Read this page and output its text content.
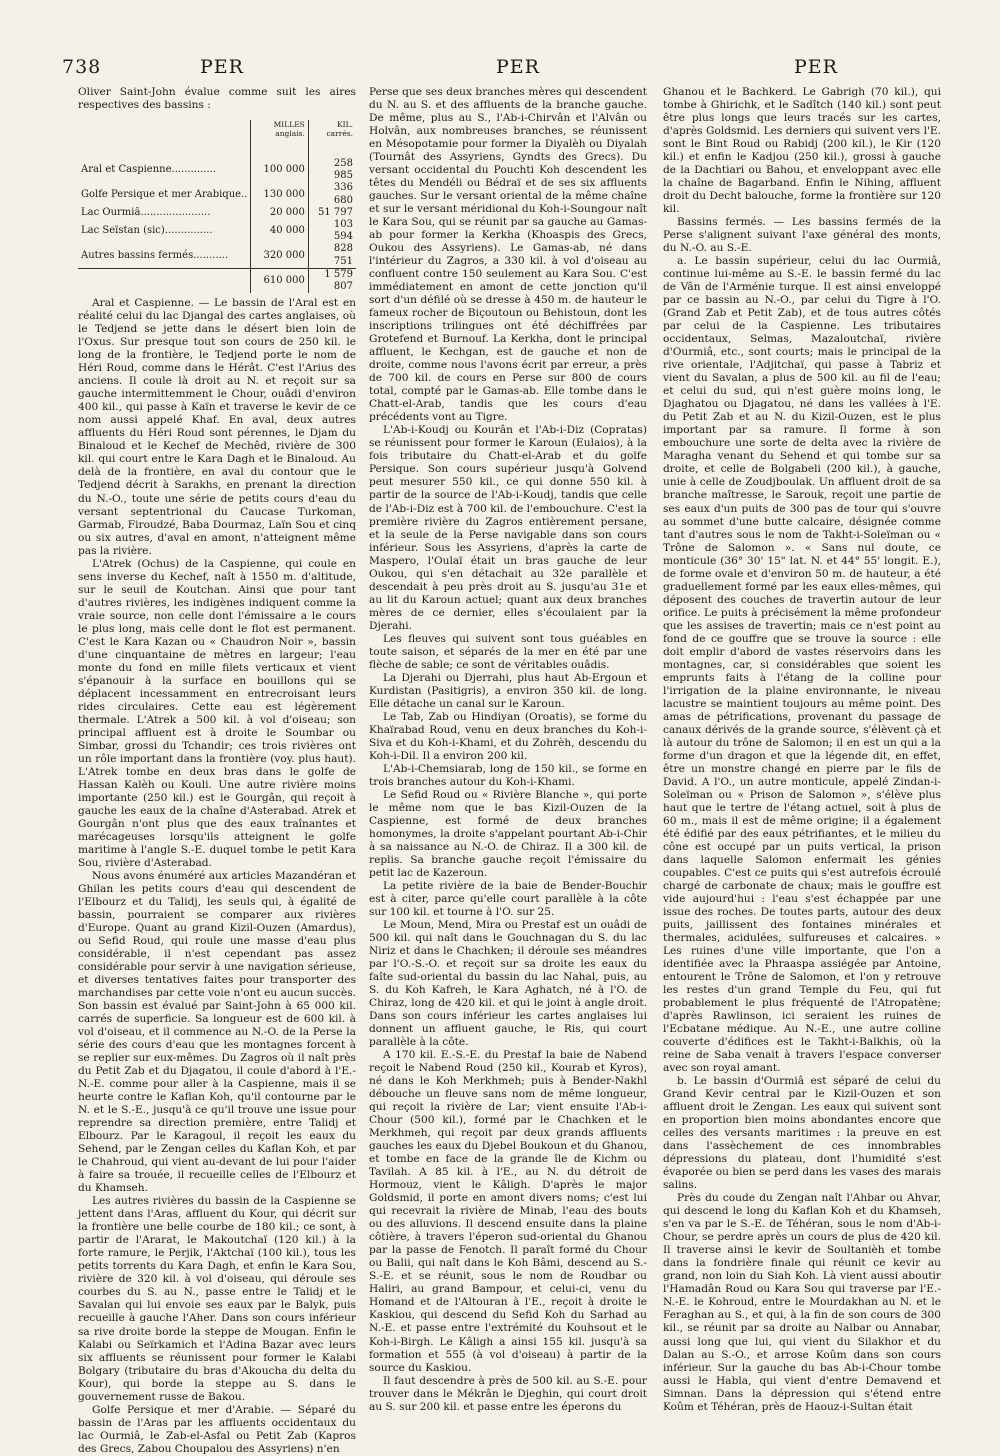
738	PER	PER	PER

Oliver Saint-John évalue comme suit les aires respectives des bassins :

	MILLES anglais.	KIL. carrés.
Aral et Caspienne..............	100 000	258 985
Golfe Persique et mer Arabique..	130 000	336 680
Lac Ourmiâ......................	20 000	51 797
Lac Seïstan (sic)...............	40 000	103 594
Autres bassins fermés...........	320 000	828 751
	610 000	1 579 807

Aral et Caspienne. — Le bassin de l'Aral est en réalité celui du lac Djangal des cartes anglaises, où le Tedjend se jette dans le désert bien loin de l'Oxus. Sur presque tout son cours de 250 kil. le long de la frontière, le Tedjend porte le nom de Héri Roud, comme dans le Hérât. C'est l'Arius des anciens. Il coule là droit au N. et reçoit sur sa gauche intermittemment le Chour, ouâdi d'environ 400 kil., qui passe à Kaïn et traverse le kevir de ce nom aussi appelé Khaf. En aval, deux autres affluents du Héri Roud sont pérennes, le Djam du Binaloud et le Kechef de Mechêd, rivière de 300 kil. qui court entre le Kara Dagh et le Binaloud. Au delà de la frontière, en aval du contour que le Tedjend décrit à Sarakhs, en prenant la direction du N.-O., toute une série de petits cours d'eau du versant septentrional du Caucase Turkoman, Garmab, Firoudzé, Baba Dourmaz, Laïn Sou et cinq ou six autres, d'aval en amont, n'atteignent même pas la rivière.

L'Atrek (Ochus) de la Caspienne, qui coule en sens inverse du Kechef, naît à 1550 m. d'altitude, sur le seuil de Koutchan. Ainsi que pour tant d'autres rivières, les indigènes indiquent comme la vraie source, non celle dont l'émissaire a le cours le plus long, mais celle dont le flot est permanent. C'est le Kara Kazan ou « Chaudron Noir », bassin d'une cinquantaine de mètres en largeur; l'eau monte du fond en mille filets verticaux et vient s'épanouir à la surface en bouillons qui se déplacent incessamment en entrecroisant leurs rides circulaires. Cette eau est légèrement thermale. L'Atrek a 500 kil. à vol d'oiseau; son principal affluent est à droite le Soumbar ou Simbar, grossi du Tchandir; ces trois rivières ont un rôle important dans la frontière (voy. plus haut). L'Atrek tombe en deux bras dans le golfe de Hassan Kalèh ou Kouli. Une autre rivière moins importante (250 kil.) est le Gourgân, qui reçoit à gauche les eaux de la chaîne d'Asterabad. Atrek et Gourgân n'ont plus que des eaux traînantes et marécageuses lorsqu'ils atteignent le golfe maritime à l'angle S.-E. duquel tombe le petit Kara Sou, rivière d'Asterabad.

Nous avons énuméré aux articles Mazandéran et Ghilan les petits cours d'eau qui descendent de l'Elbourz et du Talidj, les seuls qui, à égalité de bassin, pourraient se comparer aux rivières d'Europe. Quant au grand Kizil-Ouzen (Amardus), ou Sefid Roud, qui roule une masse d'eau plus considérable, il n'est cependant pas assez considérable pour servir à une navigation sérieuse, et diverses tentatives faites pour transporter des marchandises par cette voie n'ont eu aucun succès. Son bassin est évalué par Saint-John à 65 000 kil. carrés de superficie. Sa longueur est de 600 kil. à vol d'oiseau, et il commence au N.-O. de la Perse la série des cours d'eau que les montagnes forcent à se replier sur eux-mêmes. Du Zagros où il naît près du Petit Zab et du Djagatou, il coule d'abord à l'E.-N.-E. comme pour aller à la Caspienne, mais il se heurte contre le Kaflan Koh, qu'il contourne par le N. et le S.-E., jusqu'à ce qu'il trouve une issue pour reprendre sa direction première, entre Talidj et Elbourz. Par le Karagoul, il reçoit les eaux du Sehend, par le Zengan celles du Kaflan Koh, et par le Chahroud, qui vient au-devant de lui pour l'aider à faire sa trouée, il recueille celles de l'Elbourz et du Khamseh.

Les autres rivières du bassin de la Caspienne se jettent dans l'Aras, affluent du Kour, qui décrit sur la frontière une belle courbe de 180 kil.; ce sont, à partir de l'Ararat, le Makoutchaï (120 kil.) à la forte ramure, le Perjik, l'Aktchaï (100 kil.), tous les petits torrents du Kara Dagh, et enfin le Kara Sou, rivière de 320 kil. à vol d'oiseau, qui déroule ses courbes du S. au N., passe entre le Talidj et le Savalan qui lui envoie ses eaux par le Balyk, puis recueille à gauche l'Aher. Dans son cours inférieur sa rive droite borde la steppe de Mougan. Enfin le Kalabi ou Seïrkamich et l'Adina Bazar avec leurs six affluents se réunissent pour former le Kalabi Bolgary (tributaire du bras d'Akoucha du delta du Kour), qui borde la steppe au S. dans le gouvernement russe de Bakou.

Golfe Persique et mer d'Arabie. — Séparé du bassin de l'Aras par les affluents occidentaux du lac Ourmiâ, le Zab-el-Asfal ou Petit Zab (Kapros des Grecs, Zabou Choupalou des Assyriens) n'en

Perse que ses deux branches mères qui descendent du N. au S. et des affluents de la branche gauche. De même, plus au S., l'Ab-i-Chirvân et l'Alvân ou Holvân, aux nombreuses branches, se réunissent en Mésopotamie pour former la Diyalèh ou Diyalah (Tournât des Assyriens, Gyndts des Grecs). Du versant occidental du Pouchti Koh descendent les têtes du Mendéli ou Bédraï et de ses six affluents gauches. Sur le versant oriental de la même chaîne et sur le versant méridional du Koh-i-Soungour naît le Kara Sou, qui se réunit par sa gauche au Gamas-ab pour former la Kerkha (Khoaspis des Grecs, Oukou des Assyriens). Le Gamas-ab, né dans l'intérieur du Zagros, a 330 kil. à vol d'oiseau au confluent contre 150 seulement au Kara Sou. C'est immédiatement en amont de cette jonction qu'il sort d'un défilé où se dresse à 450 m. de hauteur le fameux rocher de Biçoutoun ou Behistoun, dont les inscriptions trilingues ont été déchiffrées par Grotefend et Burnouf. La Kerkha, dont le principal affluent, le Kechgan, est de gauche et non de droite, comme nous l'avons écrit par erreur, a près de 700 kil. de cours en Perse sur 800 de cours total, compté par le Gamas-ab. Elle tombe dans le Chatt-el-Arab, tandis que les cours d'eau précédents vont au Tigre.

L'Ab-i-Koudj ou Kourân et l'Ab-i-Diz (Copratas) se réunissent pour former le Karoun (Eulaios), à la fois tributaire du Chatt-el-Arab et du golfe Persique. Son cours supérieur jusqu'à Golvend peut mesurer 550 kil., ce qui donne 550 kil. à partir de la source de l'Ab-i-Koudj, tandis que celle de l'Ab-i-Diz est à 700 kil. de l'embouchure. C'est la première rivière du Zagros entièrement persane, et la seule de la Perse navigable dans son cours inférieur. Sous les Assyriens, d'après la carte de Maspero, l'Oulaï était un bras gauche de leur Oukou, qui s'en détachait au 32e parallèle et descendait à peu près droit au S. jusqu'au 31e et au lit du Karoun actuel; quant aux deux branches mères de ce dernier, elles s'écoulaient par la Djerahi.

Les fleuves qui suivent sont tous guéables en toute saison, et séparés de la mer en été par une flèche de sable; ce sont de véritables ouâdis.

La Djerahi ou Djerrahi, plus haut Ab-Ergoun et Kurdistan (Pasitigris), a environ 350 kil. de long. Elle détache un canal sur le Karoun.

Le Tab, Zab ou Hindiyan (Oroatis), se forme du Khaïrabad Roud, venu en deux branches du Koh-i-Siva et du Koh-i-Khami, et du Zohrèh, descendu du Koh-i-Dil. Il a environ 200 kil.

L'Ab-i-Chemsiarab, long de 150 kil., se forme en trois branches autour du Koh-i-Khami.

Le Sefid Roud ou « Rivière Blanche », qui porte le même nom que le bas Kizil-Ouzen de la Caspienne, est formé de deux branches homonymes, la droite s'appelant pourtant Ab-i-Chir à sa naissance au N.-O. de Chiraz. Il a 300 kil. de replis. Sa branche gauche reçoit l'émissaire du petit lac de Kazeroun.

La petite rivière de la baie de Bender-Bouchir est à citer, parce qu'elle court parallèle à la côte sur 100 kil. et tourne à l'O. sur 25.

Le Moun, Mend, Mira ou Prestaf est un ouâdi de 500 kil. qui naît dans le Gouchnagan du S. du lac Niriz et dans le Chachken; il déroule ses méandres par l'O.-S.-O. et reçoit sur sa droite les eaux du faîte sud-oriental du bassin du lac Nahal, puis, au S. du Koh Kafreh, le Kara Aghatch, né à l'O. de Chiraz, long de 420 kil. et qui le joint à angle droit. Dans son cours inférieur les cartes anglaises lui donnent un affluent gauche, le Ris, qui court parallèle à la côte.

A 170 kil. E.-S.-E. du Prestaf la baie de Nabend reçoit le Nabend Roud (250 kil., Kourab et Kyros), né dans le Koh Merkhmeh; puis à Bender-Nakhl débouche un fleuve sans nom de même longueur, qui reçoit la rivière de Lar; vient ensuite l'Ab-i-Chour (500 kil.), formé par le Chachken et le Merkhmeh, qui reçoit par deux grands affluents gauches les eaux du Djebel Boukoun et du Ghanou, et tombe en face de la grande île de Kichm ou Tavilah. A 85 kil. à l'E., au N. du détroit de Hormouz, vient le Kâligh. D'après le major Goldsmid, il porte en amont divers noms; c'est lui qui recevrait la rivière de Minab, l'eau des bouts ou des alluvions. Il descend ensuite dans la plaine côtière, à travers l'éperon sud-oriental du Ghanou par la passe de Fenotch. Il paraît formé du Chour ou Balii, qui naît dans le Koh Bâmi, descend au S.-S.-E. et se réunit, sous le nom de Roudbar ou Haliri, au grand Bampour, et celui-ci, venu du Homand et de l'Altouran à l'E., reçoit à droite le Kaskiou, qui descend du Sefid Koh du Sarhad au N.-E. et passe entre l'extrémité du Kouhsout et le Koh-i-Birgh. Le Kâligh a ainsi 155 kil. jusqu'à sa formation et 555 (à vol d'oiseau) à partir de la source du Kaskiou.

Il faut descendre à près de 500 kil. au S.-E. pour trouver dans le Mékrân le Djeghin, qui court droit au S. sur 200 kil. et passe entre les éperons du

Ghanou et le Bachkerd. Le Gabrigh (70 kil.), qui tombe à Ghirichk, et le Sadîtch (140 kil.) sont peut être plus longs que leurs tracés sur les cartes, d'après Goldsmid. Les derniers qui suivent vers l'E. sont le Bint Roud ou Rabidj (200 kil.), le Kir (120 kil.) et enfin le Kadjou (250 kil.), grossi à gauche de la Dachtiari ou Bahou, et enveloppant avec elle la chaîne de Bagarband. Enfin le Nihing, affluent droit du Decht balouche, forme la frontière sur 120 kil.

Bassins fermés. — Les bassins fermés de la Perse s'alignent suivant l'axe général des monts, du N.-O. au S.-E.

a. Le bassin supérieur, celui du lac Ourmiâ, continue lui-même au S.-E. le bassin fermé du lac de Vân de l'Arménie turque. Il est ainsi enveloppé par ce bassin au N.-O., par celui du Tigre à l'O. (Grand Zab et Petit Zab), et de tous autres côtés par celui de la Caspienne. Les tributaires occidentaux, Selmas, Mazaloutchaï, rivière d'Ourmiâ, etc., sont courts; mais le principal de la rive orientale, l'Adjitchaï, qui passe à Tabriz et vient du Savalan, a plus de 500 kil. au fil de l'eau; et celui du sud, qui n'est guère moins long, le Djaghatou ou Djagatou, né dans les vallées à l'E. du Petit Zab et au N. du Kizil-Ouzen, est le plus important par sa ramure. Il forme à son embouchure une sorte de delta avec la rivière de Maragha venant du Sehend et qui tombe sur sa droite, et celle de Bolgabeli (200 kil.), à gauche, unie à celle de Zoudjboulak. Un affluent droit de sa branche maîtresse, le Sarouk, reçoit une partie de ses eaux d'un puits de 300 pas de tour qui s'ouvre au sommet d'une butte calcaire, désignée comme tant d'autres sous le nom de Takht-i-Soleïman ou « Trône de Salomon ». « Sans nul doute, ce monticule (36° 30' 15" lat. N. et 44° 55' longit. E.), de forme ovale et d'environ 50 m. de hauteur, a été graduellement formé par les eaux elles-mêmes, qui déposent des couches de travertin autour de leur orifice. Le puits à précisément la même profondeur que les assises de travertin; mais ce n'est point au fond de ce gouffre que se trouve la source : elle doit emplir d'abord de vastes réservoirs dans les montagnes, car, si considérables que soient les emprunts faits à l'étang de la colline pour l'irrigation de la plaine environnante, le niveau lacustre se maintient toujours au même point. Des amas de pétrifications, provenant du passage de canaux dérivés de la grande source, s'élèvent çà et là autour du trône de Salomon; il en est un qui a la forme d'un dragon et que la légende dit, en effet, être un monstre changé en pierre par le fils de David. A l'O., un autre monticule, appelé Zindan-i-Soleïman ou « Prison de Salomon », s'élève plus haut que le tertre de l'étang actuel, soit à plus de 60 m., mais il est de même origine; il a également été édifié par des eaux pétrifiantes, et le milieu du cône est occupé par un puits vertical, la prison dans laquelle Salomon enfermait les génies coupables. C'est ce puits qui s'est autrefois écroulé chargé de carbonate de chaux; mais le gouffre est vide aujourd'hui : l'eau s'est échappée par une issue des roches. De toutes parts, autour des deux puits, jaillissent des fontaines minérales et thermales, acidulées, sulfureuses et calcaires. » Les ruines d'une ville importante, que l'on a identifiée avec la Phraaspa assiégée par Antoine, entourent le Trône de Salomon, et l'on y retrouve les restes d'un grand Temple du Feu, qui fut probablement le plus fréquenté de l'Atropatène; d'après Rawlinson, ici seraient les ruines de l'Ecbatane médique. Au N.-E., une autre colline couverte d'édifices est le Takht-i-Balkhis, où la reine de Saba venait à travers l'espace converser avec son royal amant.

b. Le bassin d'Ourmiâ est séparé de celui du Grand Kevir central par le Kizil-Ouzen et son affluent droit le Zengan. Les eaux qui suivent sont en proportion bien moins abondantes encore que celles des versants maritimes : la preuve en est dans l'assèchement de ces innombrables dépressions du plateau, dont l'humidité s'est évaporée ou bien se perd dans les vases des marais salins.

Près du coude du Zengan naît l'Ahbar ou Ahvar, qui descend le long du Kaflan Koh et du Khamseh, s'en va par le S.-E. de Téhéran, sous le nom d'Ab-i-Chour, se perdre après un cours de plus de 420 kil. Il traverse ainsi le kevir de Soultanièh et tombe dans la fondrière finale qui réunit ce kevir au grand, non loin du Siah Koh. Là vient aussi aboutir l'Hamadân Roud ou Kara Sou qui traverse par l'E.-N.-E. le Kohroud, entre le Mourdakhan au N. et le Feraghan au S., et qui, à la fin de son cours de 300 kil., se réunit par sa droite au Nalbar ou Annabar, aussi long que lui, qui vient du Silakhor et du Dalan au S.-O., et arrose Koûm dans son cours inférieur. Sur la gauche du bas Ab-i-Chour tombe aussi le Habla, qui vient d'entre Demavend et Simnan. Dans la dépression qui s'étend entre Koûm et Téhéran, près de Haouz-i-Sultan était
